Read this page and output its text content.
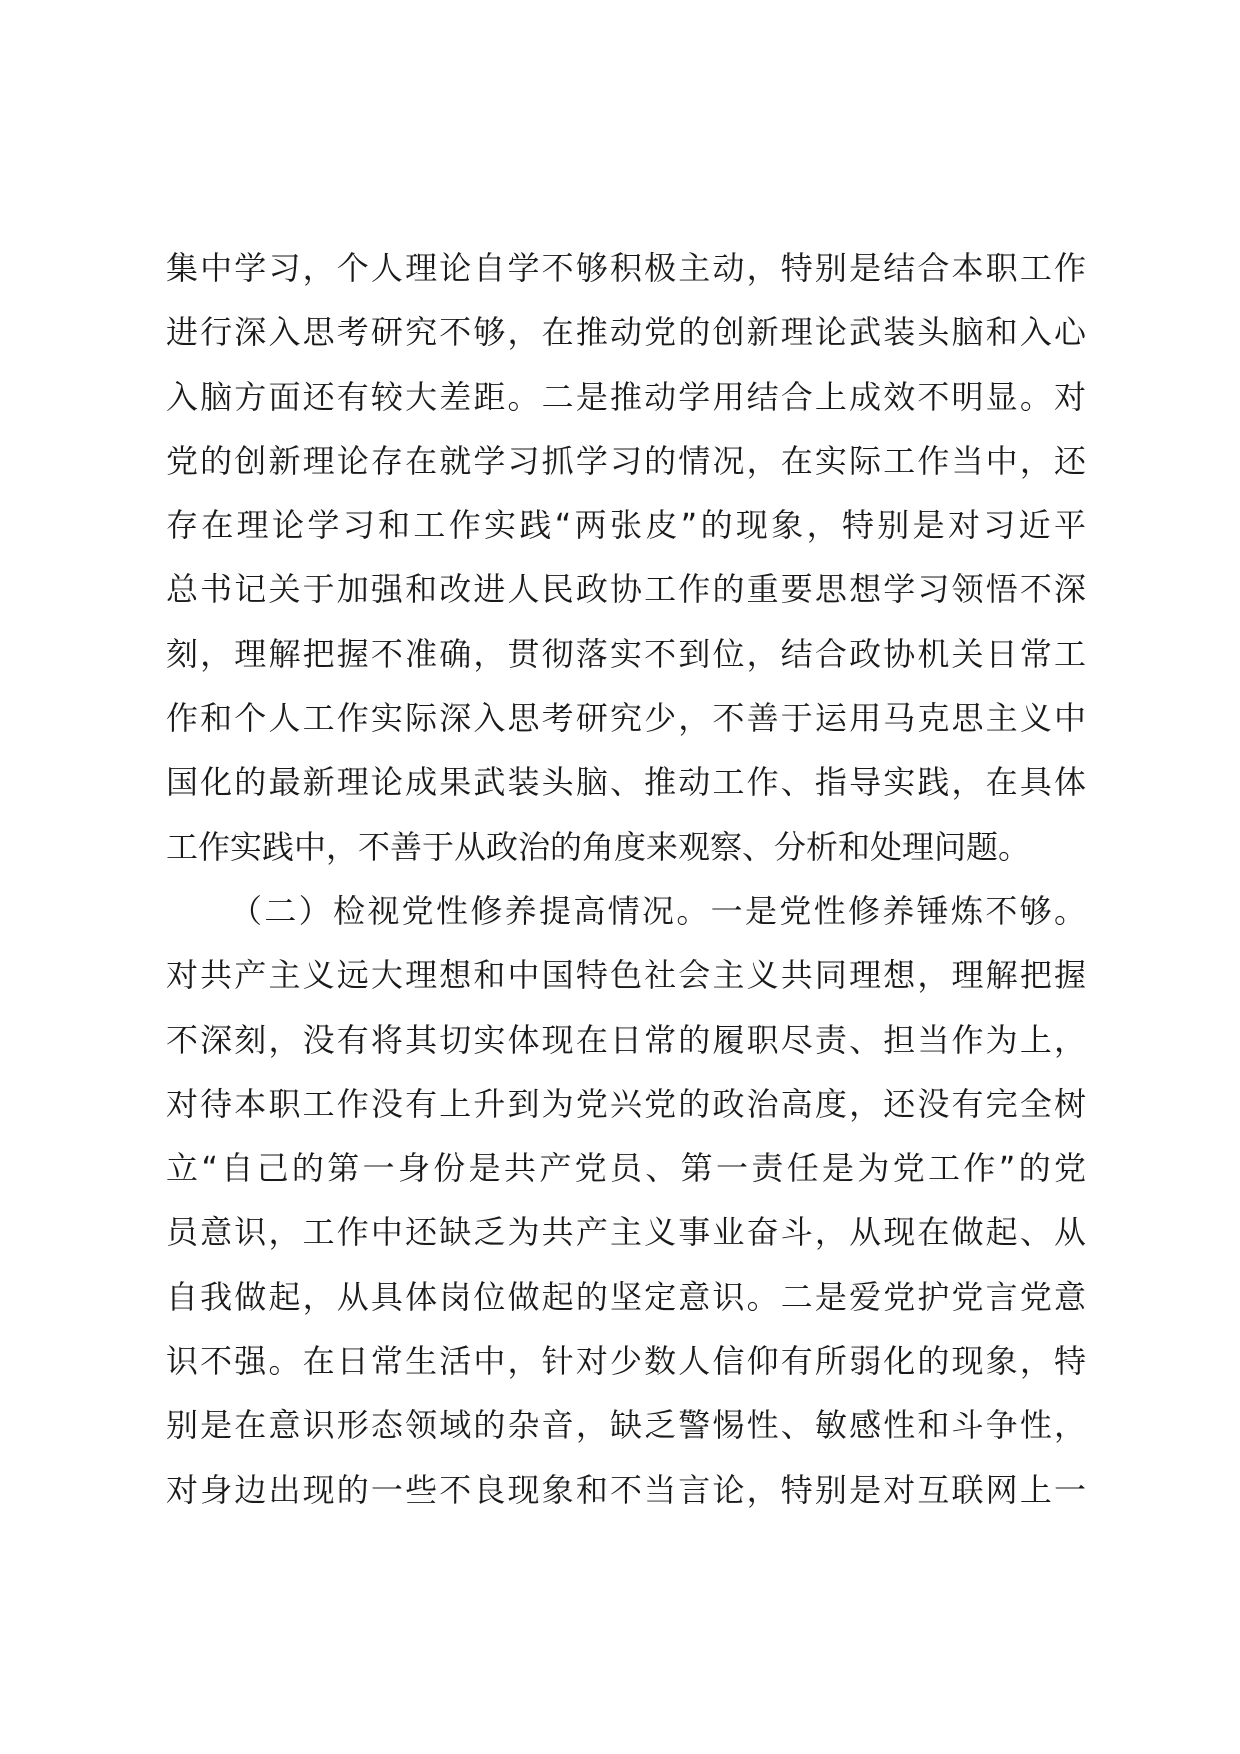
集中学习，个人理论自学不够积极主动，特别是结合本职工作
进行深入思考研究不够，在推动党的创新理论武装头脑和入心
入脑方面还有较大差距。二是推动学用结合上成效不明显。对
党的创新理论存在就学习抓学习的情况，在实际工作当中，还
存在理论学习和工作实践“两张皮”的现象，特别是对习近平
总书记关于加强和改进人民政协工作的重要思想学习领悟不深
刻，理解把握不准确，贯彻落实不到位，结合政协机关日常工
作和个人工作实际深入思考研究少，不善于运用马克思主义中
国化的最新理论成果武装头脑、推动工作、指导实践，在具体
工作实践中，不善于从政治的角度来观察、分析和处理问题。
（二）检视党性修养提高情况。一是党性修养锤炼不够。
对共产主义远大理想和中国特色社会主义共同理想，理解把握
不深刻，没有将其切实体现在日常的履职尽责、担当作为上，
对待本职工作没有上升到为党兴党的政治高度，还没有完全树
立“自己的第一身份是共产党员、第一责任是为党工作”的党
员意识，工作中还缺乏为共产主义事业奋斗，从现在做起、从
自我做起，从具体岗位做起的坚定意识。二是爱党护党言党意
识不强。在日常生活中，针对少数人信仰有所弱化的现象，特
别是在意识形态领域的杂音，缺乏警惕性、敏感性和斗争性，
对身边出现的一些不良现象和不当言论，特别是对互联网上一
